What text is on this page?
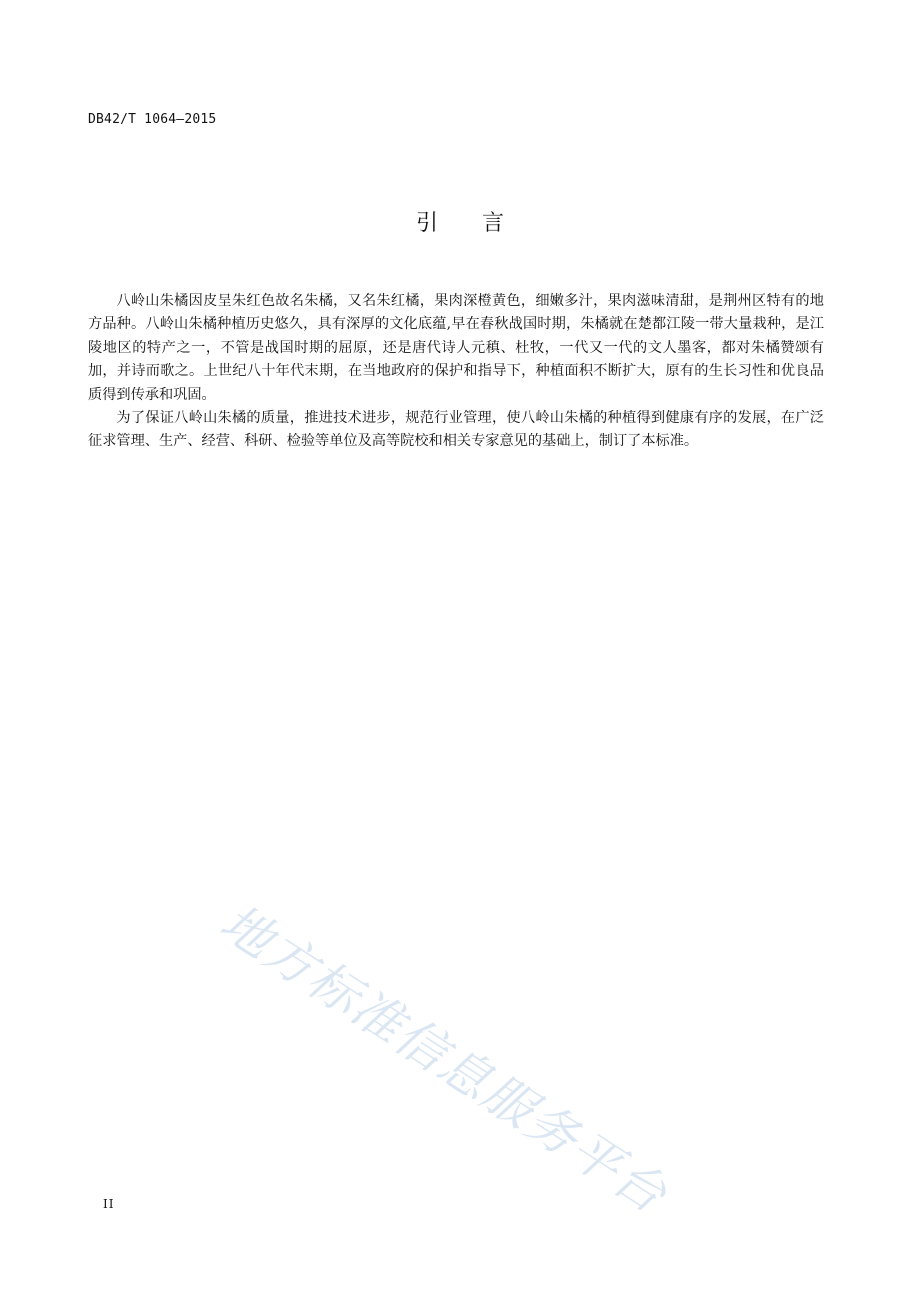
DB42/T 1064—2015
引言

八岭山朱橘因皮呈朱红色故名朱橘，又名朱红橘，果肉深橙黄色，细嫩多汁，果肉滋味清甜，是荆州区特有的地方品种。八岭山朱橘种植历史悠久，具有深厚的文化底蕴,早在春秋战国时期，朱橘就在楚都江陵一带大量栽种，是江陵地区的特产之一，不管是战国时期的屈原，还是唐代诗人元稹、杜牧，一代又一代的文人墨客，都对朱橘赞颂有加，并诗而歌之。上世纪八十年代末期，在当地政府的保护和指导下，种植面积不断扩大，原有的生长习性和优良品质得到传承和巩固。

为了保证八岭山朱橘的质量，推进技术进步，规范行业管理，使八岭山朱橘的种植得到健康有序的发展，在广泛征求管理、生产、经营、科研、检验等单位及高等院校和相关专家意见的基础上，制订了本标准。

地方标准信息服务平台
II
